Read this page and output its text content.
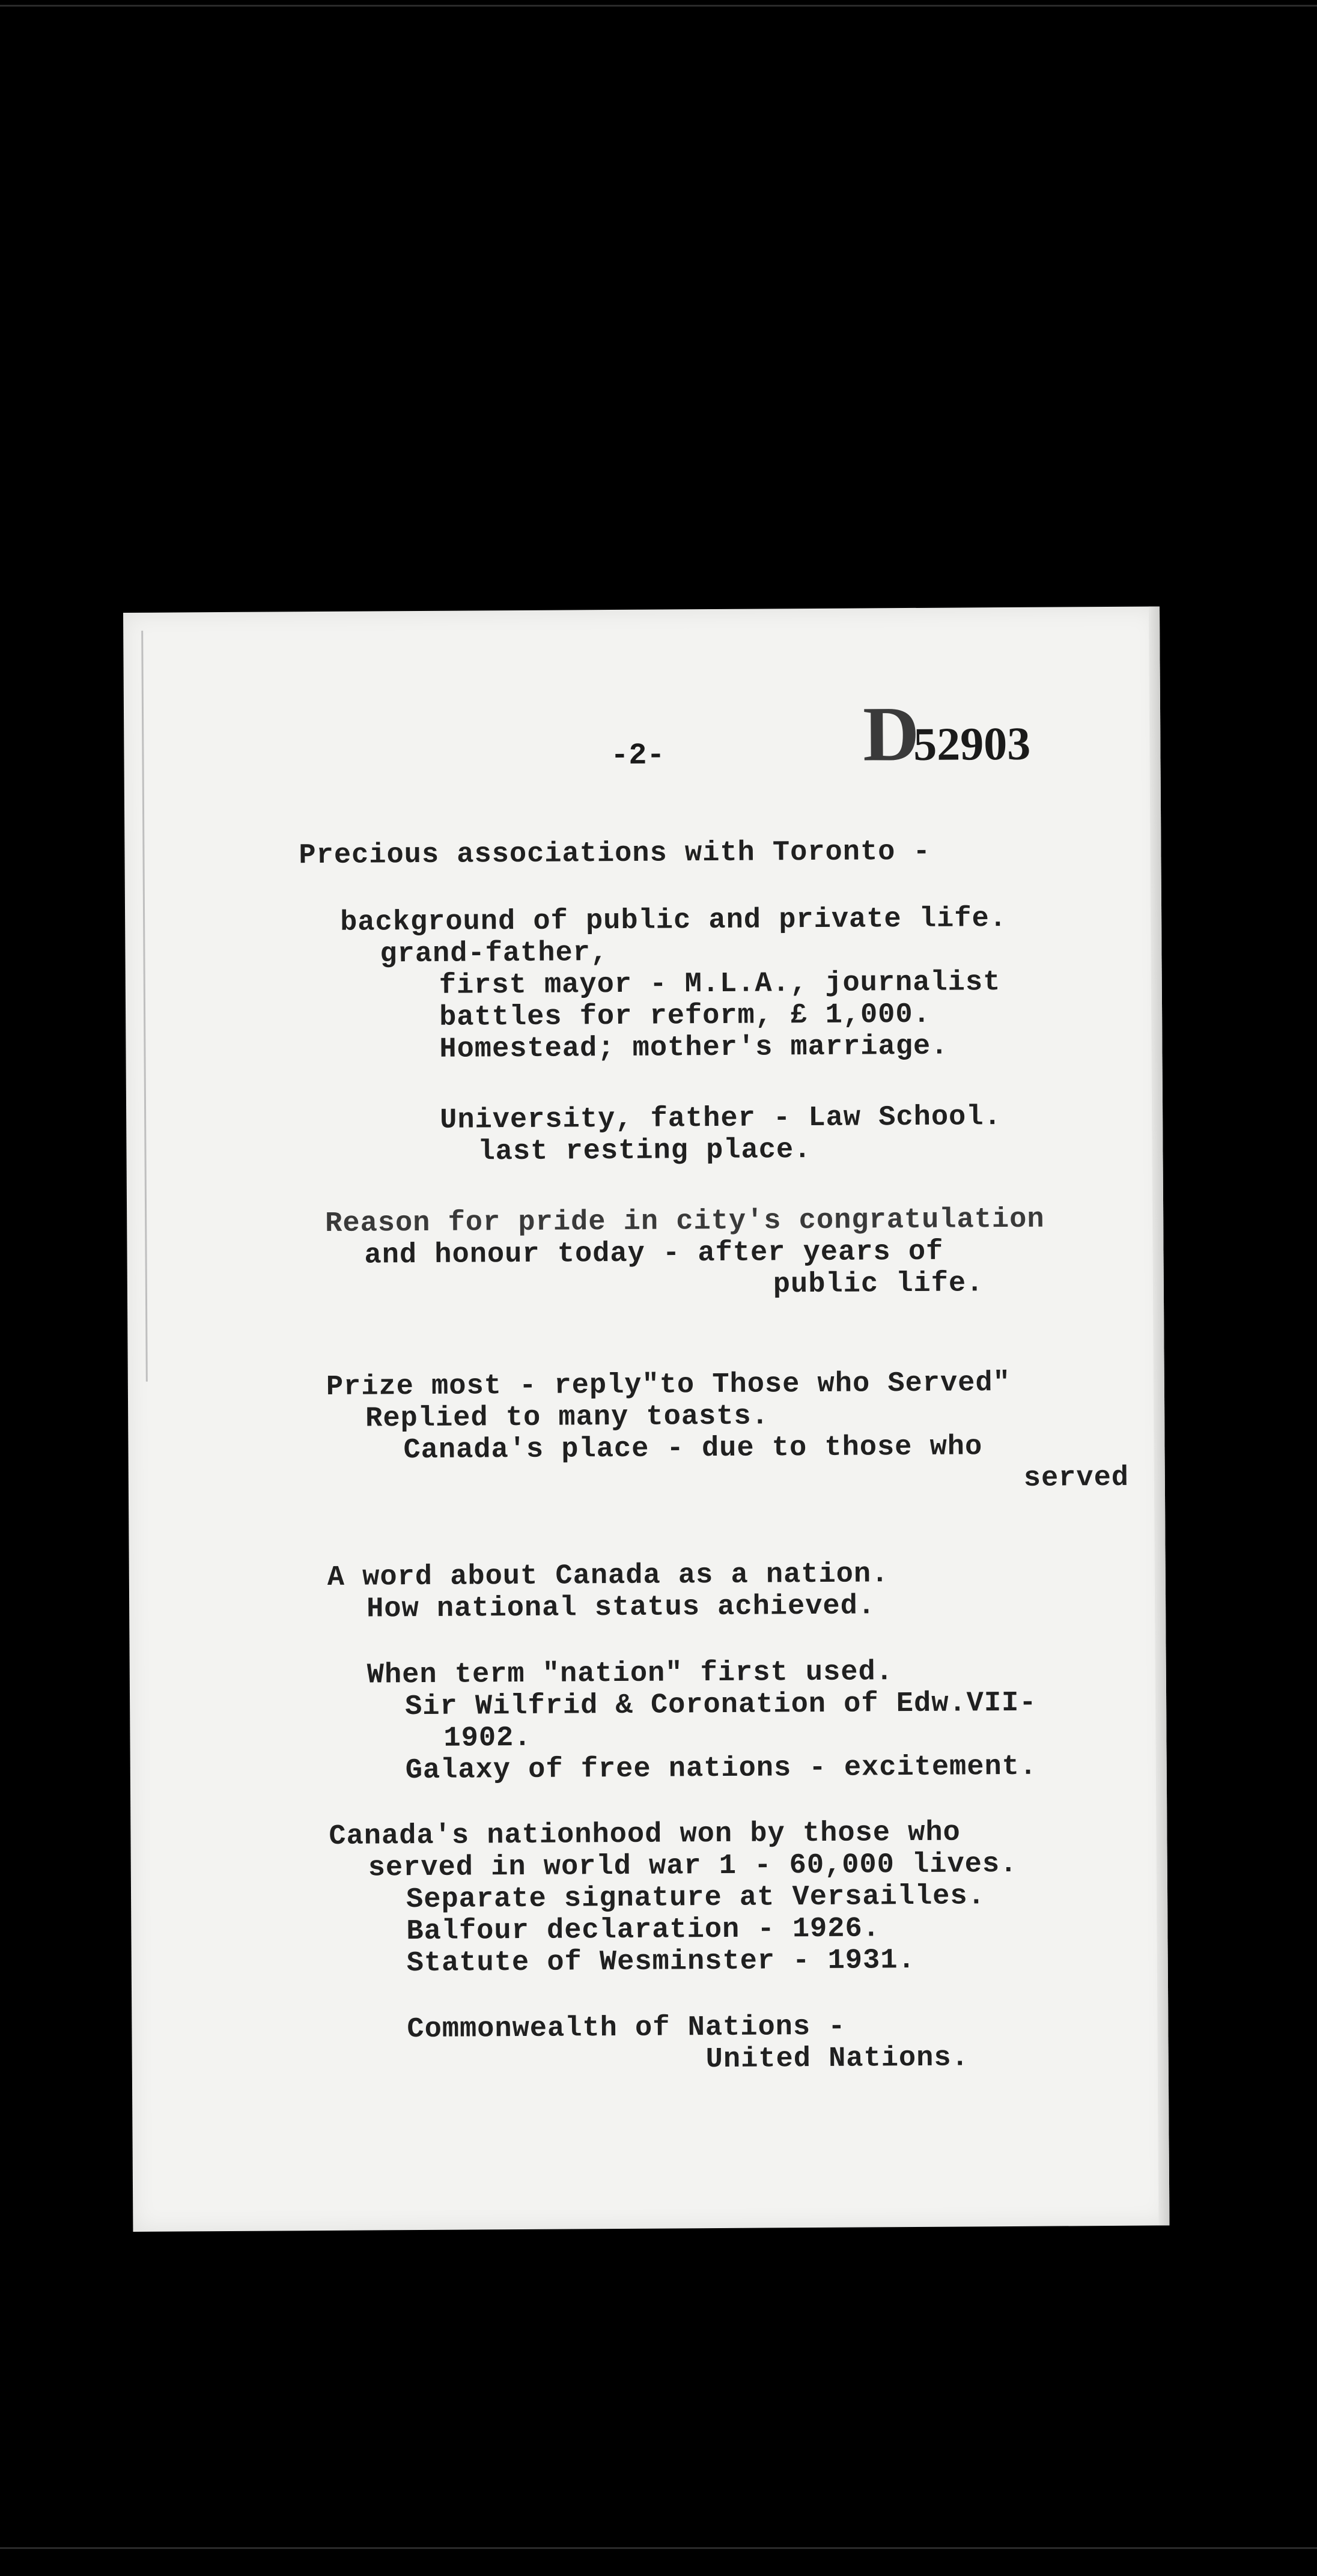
-2-	D52903
Precious associations with Toronto -
background of public and private life.
grand-father,
first mayor - M.L.A., journalist
battles for reform, £ 1,000.
Homestead; mother's marriage.
University, father - Law School.
last resting place.
Reason for pride in city's congratulation
and honour today - after years of
public life.
Prize most - reply"to Those who Served"
Replied to many toasts.
Canada's place - due to those who
served
A word about Canada as a nation.
How national status achieved.
When term "nation" first used.
Sir Wilfrid & Coronation of Edw.VII-
1902.
Galaxy of free nations - excitement.
Canada's nationhood won by those who
served in world war 1 - 60,000 lives.
Separate signature at Versailles.
Balfour declaration - 1926.
Statute of Wesminster - 1931.
Commonwealth of Nations -
United Nations.
